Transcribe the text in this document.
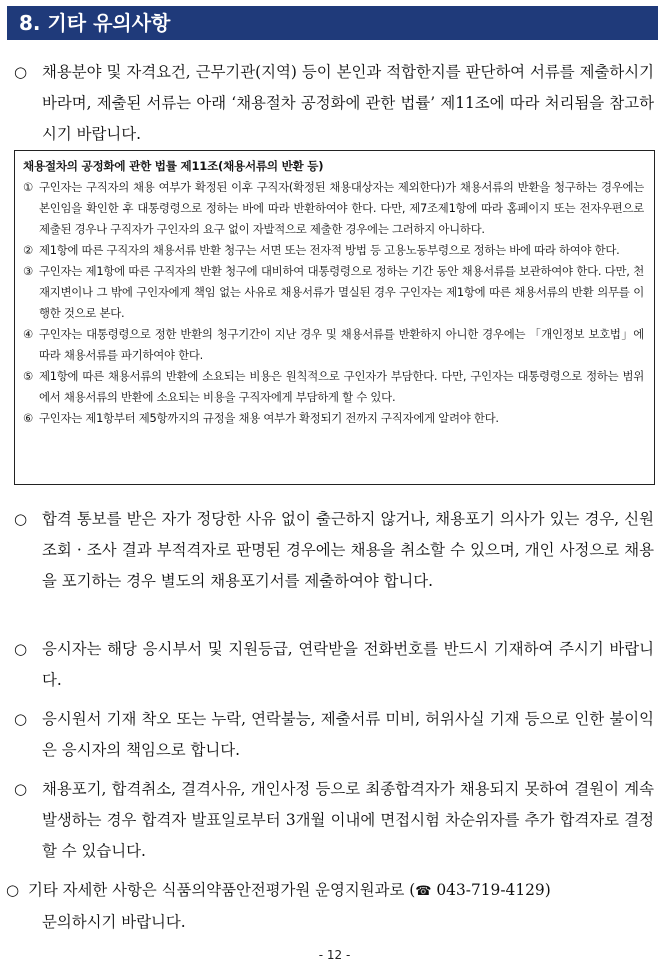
8. 기타 유의사항
○ 채용분야 및 자격요건, 근무기관(지역) 등이 본인과 적합한지를 판단하여 서류를 제출하시기 바라며, 제출된 서류는 아래 ‘채용절차 공정화에 관한 법률’ 제11조에 따라 처리됨을 참고하시기 바랍니다.
채용절차의 공정화에 관한 법률 제11조(채용서류의 반환 등)
① 구인자는 구직자의 채용 여부가 확정된 이후 구직자(확정된 채용대상자는 제외한다)가 채용서류의 반환을 청구하는 경우에는 본인임을 확인한 후 대통령령으로 정하는 바에 따라 반환하여야 한다. 다만, 제7조제1항에 따라 홈페이지 또는 전자우편으로 제출된 경우나 구직자가 구인자의 요구 없이 자발적으로 제출한 경우에는 그러하지 아니하다.
② 제1항에 따른 구직자의 채용서류 반환 청구는 서면 또는 전자적 방법 등 고용노동부령으로 정하는 바에 따라 하여야 한다.
③ 구인자는 제1항에 따른 구직자의 반환 청구에 대비하여 대통령령으로 정하는 기간 동안 채용서류를 보관하여야 한다. 다만, 천재지변이나 그 밖에 구인자에게 책임 없는 사유로 채용서류가 멸실된 경우 구인자는 제1항에 따른 채용서류의 반환 의무를 이행한 것으로 본다.
④ 구인자는 대통령령으로 정한 반환의 청구기간이 지난 경우 및 채용서류를 반환하지 아니한 경우에는 「개인정보 보호법」에 따라 채용서류를 파기하여야 한다.
⑤ 제1항에 따른 채용서류의 반환에 소요되는 비용은 원칙적으로 구인자가 부담한다. 다만, 구인자는 대통령령으로 정하는 범위에서 채용서류의 반환에 소요되는 비용을 구직자에게 부담하게 할 수 있다.
⑥ 구인자는 제1항부터 제5항까지의 규정을 채용 여부가 확정되기 전까지 구직자에게 알려야 한다.
○ 합격 통보를 받은 자가 정당한 사유 없이 출근하지 않거나, 채용포기 의사가 있는 경우, 신원조회 · 조사 결과 부적격자로 판명된 경우에는 채용을 취소할 수 있으며, 개인 사정으로 채용을 포기하는 경우 별도의 채용포기서를 제출하여야 합니다.
○ 응시자는 해당 응시부서 및 지원등급, 연락받을 전화번호를 반드시 기재하여 주시기 바랍니다.
○ 응시원서 기재 착오 또는 누락, 연락불능, 제출서류 미비, 허위사실 기재 등으로 인한 불이익은 응시자의 책임으로 합니다.
○ 채용포기, 합격취소, 결격사유, 개인사정 등으로 최종합격자가 채용되지 못하여 결원이 계속 발생하는 경우 합격자 발표일로부터 3개월 이내에 면접시험 차순위자를 추가 합격자로 결정할 수 있습니다.
○ 기타 자세한 사항은 식품의약품안전평가원 운영지원과로 (☎ 043-719-4129)
문의하시기 바랍니다.
- 12 -
